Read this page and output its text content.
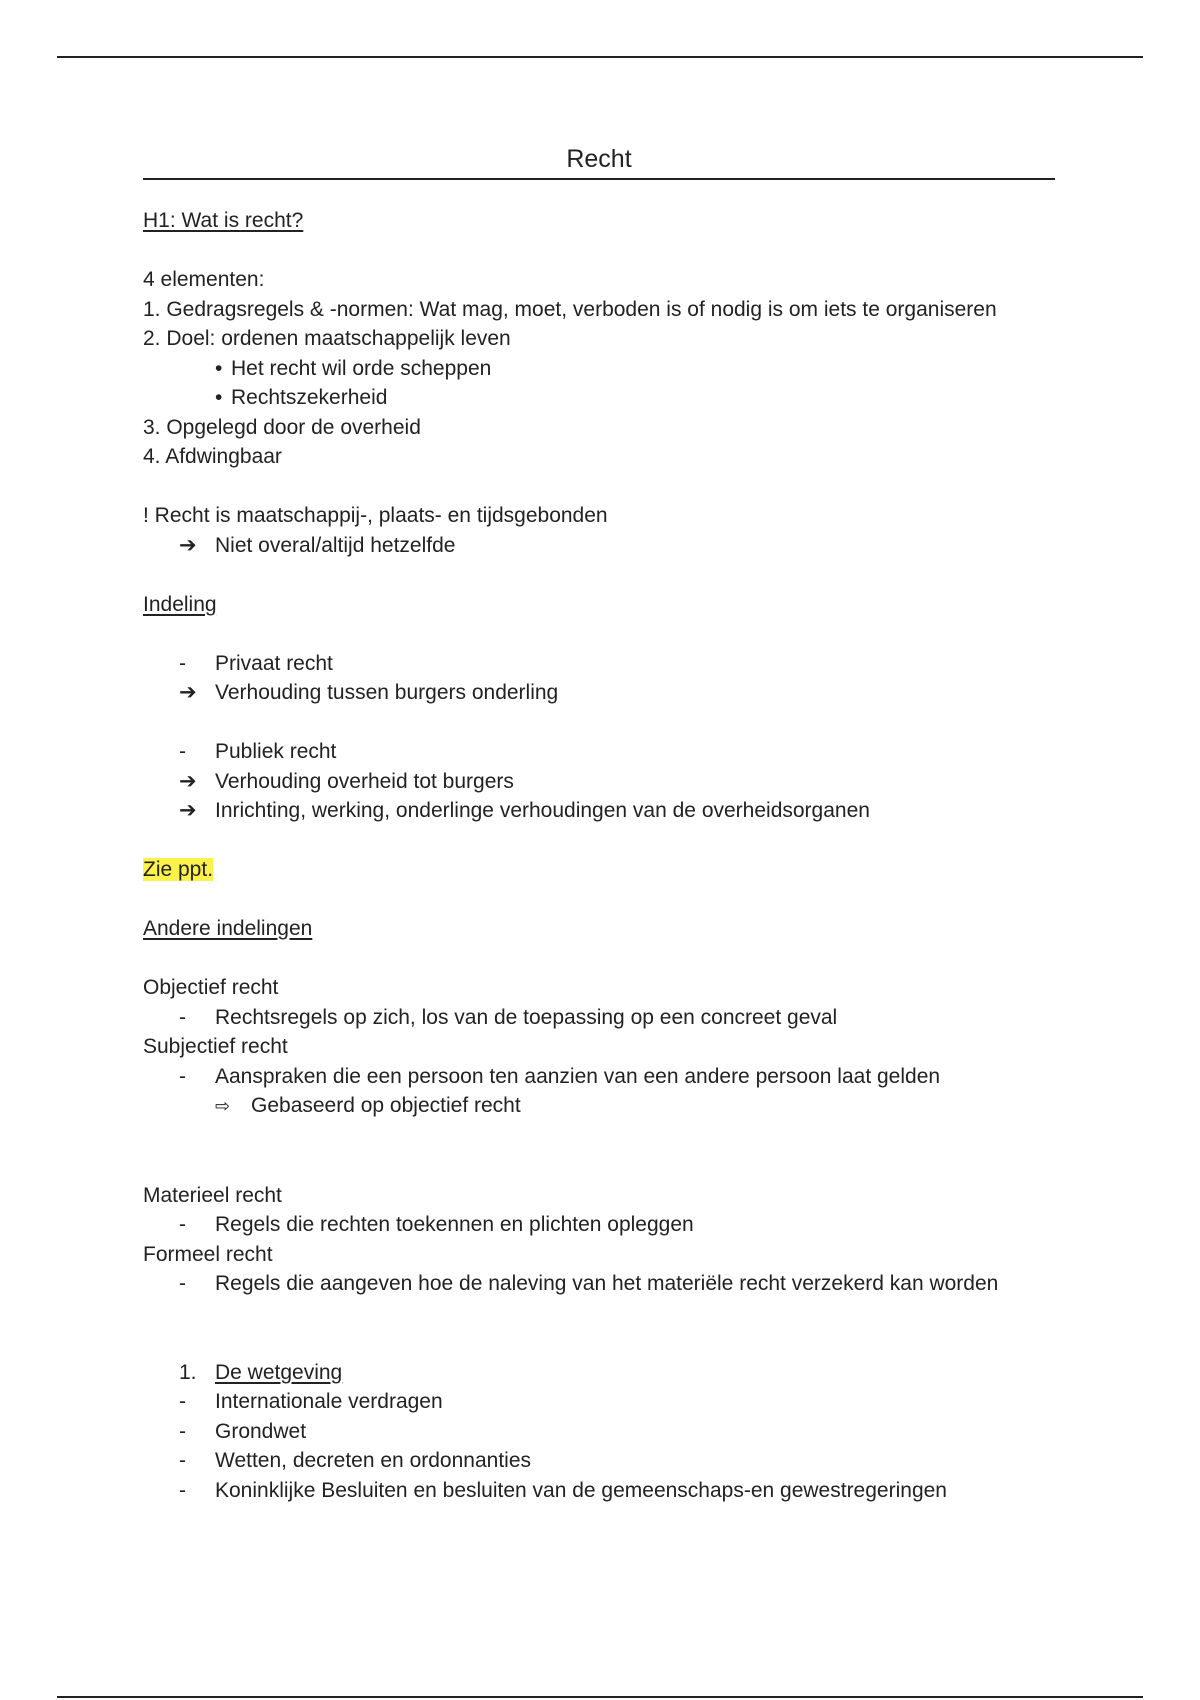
Recht
H1: Wat is recht?
4 elementen:
1. Gedragsregels & -normen: Wat mag, moet, verboden is of nodig is om iets te organiseren
2. Doel: ordenen maatschappelijk leven
• Het recht wil orde scheppen
• Rechtszekerheid
3. Opgelegd door de overheid
4. Afdwingbaar
! Recht is maatschappij-, plaats- en tijdsgebonden
➔ Niet overal/altijd hetzelfde
Indeling
- Privaat recht
➔ Verhouding tussen burgers onderling
- Publiek recht
➔ Verhouding overheid tot burgers
➔ Inrichting, werking, onderlinge verhoudingen van de overheidsorganen
Zie ppt.
Andere indelingen
Objectief recht
- Rechtsregels op zich, los van de toepassing op een concreet geval
Subjectief recht
- Aanspraken die een persoon ten aanzien van een andere persoon laat gelden
⇨ Gebaseerd op objectief recht
Materieel recht
- Regels die rechten toekennen en plichten opleggen
Formeel recht
- Regels die aangeven hoe de naleving van het materiële recht verzekerd kan worden
1. De wetgeving
- Internationale verdragen
- Grondwet
- Wetten, decreten en ordonnanties
- Koninklijke Besluiten en besluiten van de gemeenschaps-en gewestregeringen
